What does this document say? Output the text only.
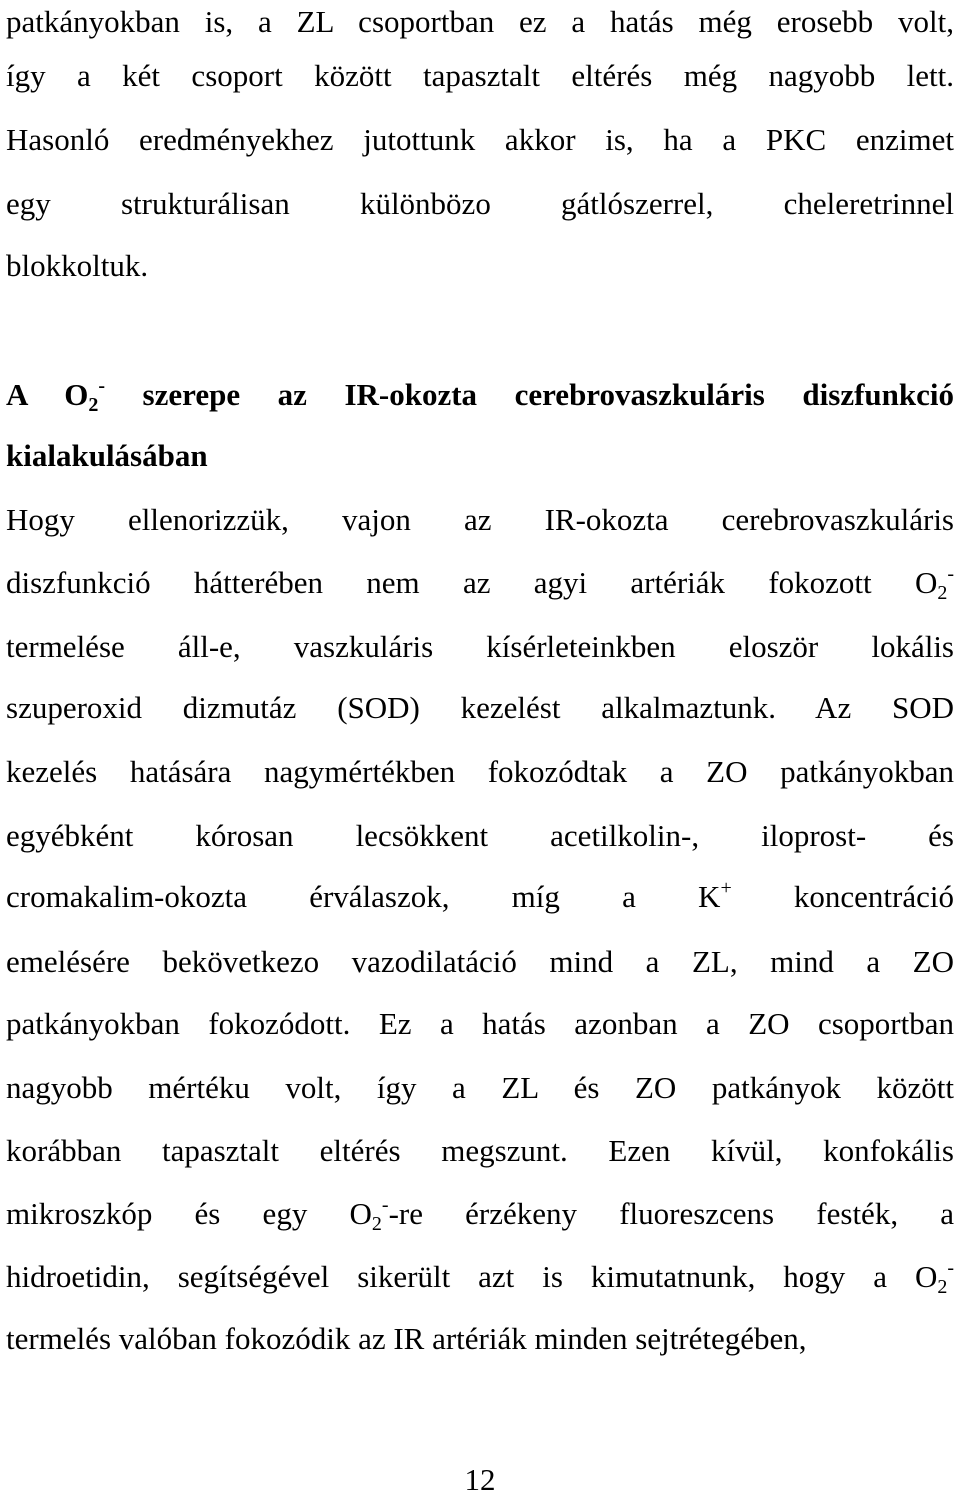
patkányokban is, a ZL csoportban ez a hatás még erosebb volt,
így a két csoport között tapasztalt eltérés még nagyobb lett.
Hasonló eredményekhez jutottunk akkor is, ha a PKC enzimet
egy strukturálisan különbözo gátlószerrel, cheleretrinnel
blokkoltuk.
A $O_2^-$ szerepe az IR-okozta cerebrovaszkuláris diszfunkció
kialakulásában
Hogy ellenorizzük, vajon az IR-okozta cerebrovaszkuláris
diszfunkció hátterében nem az agyi artériák fokozott $O_2^-$
termelése áll-e, vaszkuláris kísérleteinkben eloször lokális
szuperoxid dizmutáz (SOD) kezelést alkalmaztunk. Az SOD
kezelés hatására nagymértékben fokozódtak a ZO patkányokban
egyébként kórosan lecsökkent acetilkolin-, iloprost- és
cromakalim-okozta érválaszok, míg a K+ koncentráció
emelésére bekövetkezo vazodilatáció mind a ZL, mind a ZO
patkányokban fokozódott. Ez a hatás azonban a ZO csoportban
nagyobb mértéku volt, így a ZL és ZO patkányok között
korábban tapasztalt eltérés megszunt. Ezen kívül, konfokális
mikroszkóp és egy $O_2^--re$ érzékeny fluoreszcens festék, a
hidroetidin, segítségével sikerült azt is kimutatnunk, hogy a $O_2^-$
termelés valóban fokozódik az IR artériák minden sejtrétegében,
12
